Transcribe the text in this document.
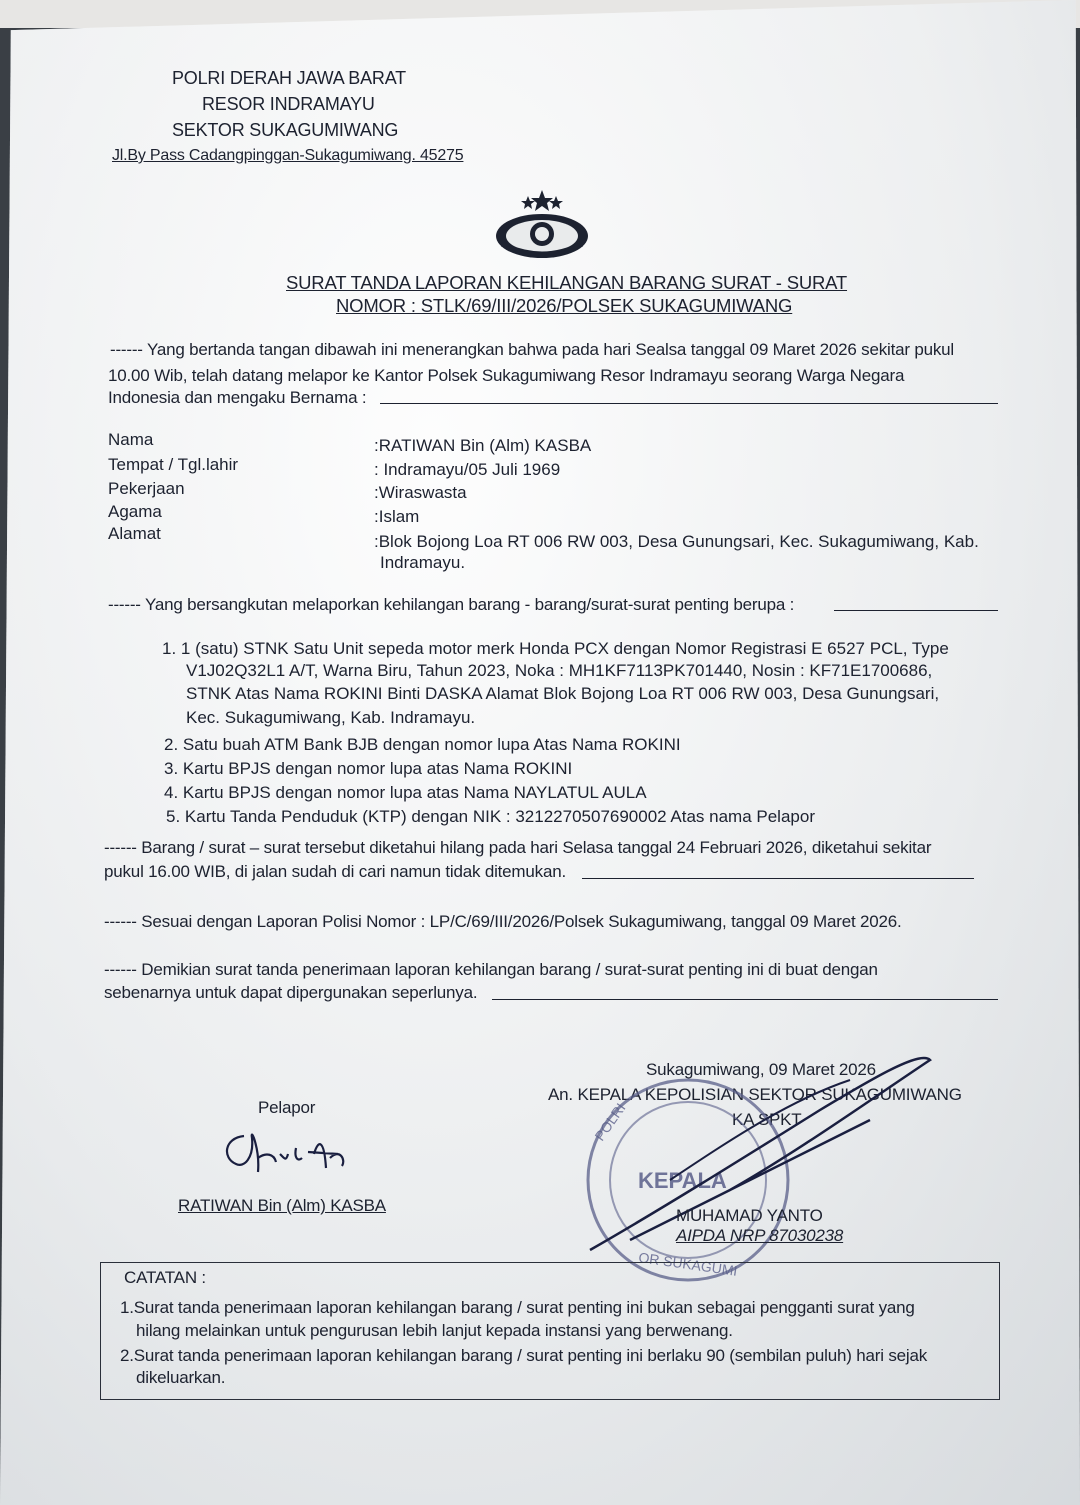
POLRI DERAH JAWA BARAT
RESOR INDRAMAYU
SEKTOR SUKAGUMIWANG
Jl.By Pass Cadangpinggan-Sukagumiwang. 45275
SURAT TANDA LAPORAN KEHILANGAN BARANG SURAT - SURAT
NOMOR : STLK/69/III/2026/POLSEK SUKAGUMIWANG
------ Yang bertanda tangan dibawah ini menerangkan bahwa pada hari Sealsa tanggal 09 Maret 2026 sekitar pukul
10.00 Wib, telah datang melapor ke Kantor Polsek Sukagumiwang Resor Indramayu seorang Warga Negara
Indonesia dan mengaku Bernama :
Nama	:RATIWAN Bin (Alm) KASBA
Tempat / Tgl.lahir	: Indramayu/05 Juli 1969
Pekerjaan	:Wiraswasta
Agama	:Islam
Alamat	:Blok Bojong Loa RT 006 RW 003, Desa Gunungsari, Kec. Sukagumiwang, Kab.
Indramayu.
------ Yang bersangkutan melaporkan kehilangan barang - barang/surat-surat penting berupa :
1. 1 (satu) STNK Satu Unit sepeda motor merk Honda PCX dengan Nomor Registrasi E 6527 PCL, Type
V1J02Q32L1 A/T, Warna Biru, Tahun 2023, Noka : MH1KF7113PK701440, Nosin : KF71E1700686,
STNK Atas Nama ROKINI Binti DASKA Alamat Blok Bojong Loa RT 006 RW 003, Desa Gunungsari,
Kec. Sukagumiwang, Kab. Indramayu.
2. Satu buah ATM Bank BJB dengan nomor lupa Atas Nama ROKINI
3. Kartu BPJS dengan nomor lupa atas Nama ROKINI
4. Kartu BPJS dengan nomor lupa atas Nama NAYLATUL AULA
5. Kartu Tanda Penduduk (KTP) dengan NIK : 3212270507690002 Atas nama Pelapor
------ Barang / surat – surat tersebut diketahui hilang pada hari Selasa tanggal 24 Februari 2026, diketahui sekitar
pukul 16.00 WIB, di jalan sudah di cari namun tidak ditemukan.
------ Sesuai dengan Laporan Polisi Nomor : LP/C/69/III/2026/Polsek Sukagumiwang, tanggal 09 Maret 2026.
------ Demikian surat tanda penerimaan laporan kehilangan barang / surat-surat penting ini di buat dengan
sebenarnya untuk dapat dipergunakan seperlunya.
Sukagumiwang, 09 Maret 2026
An. KEPALA KEPOLISIAN SEKTOR SUKAGUMIWANG
KA SPKT
POLRI
KEPALA
OR SUKAGUMI
MUHAMAD YANTO
AIPDA NRP 87030238
Pelapor
RATIWAN Bin (Alm) KASBA
CATATAN :
1.Surat tanda penerimaan laporan kehilangan barang / surat penting ini bukan sebagai pengganti surat yang
hilang melainkan untuk pengurusan lebih lanjut kepada instansi yang berwenang.
2.Surat tanda penerimaan laporan kehilangan barang / surat penting ini berlaku 90 (sembilan puluh) hari sejak
dikeluarkan.
